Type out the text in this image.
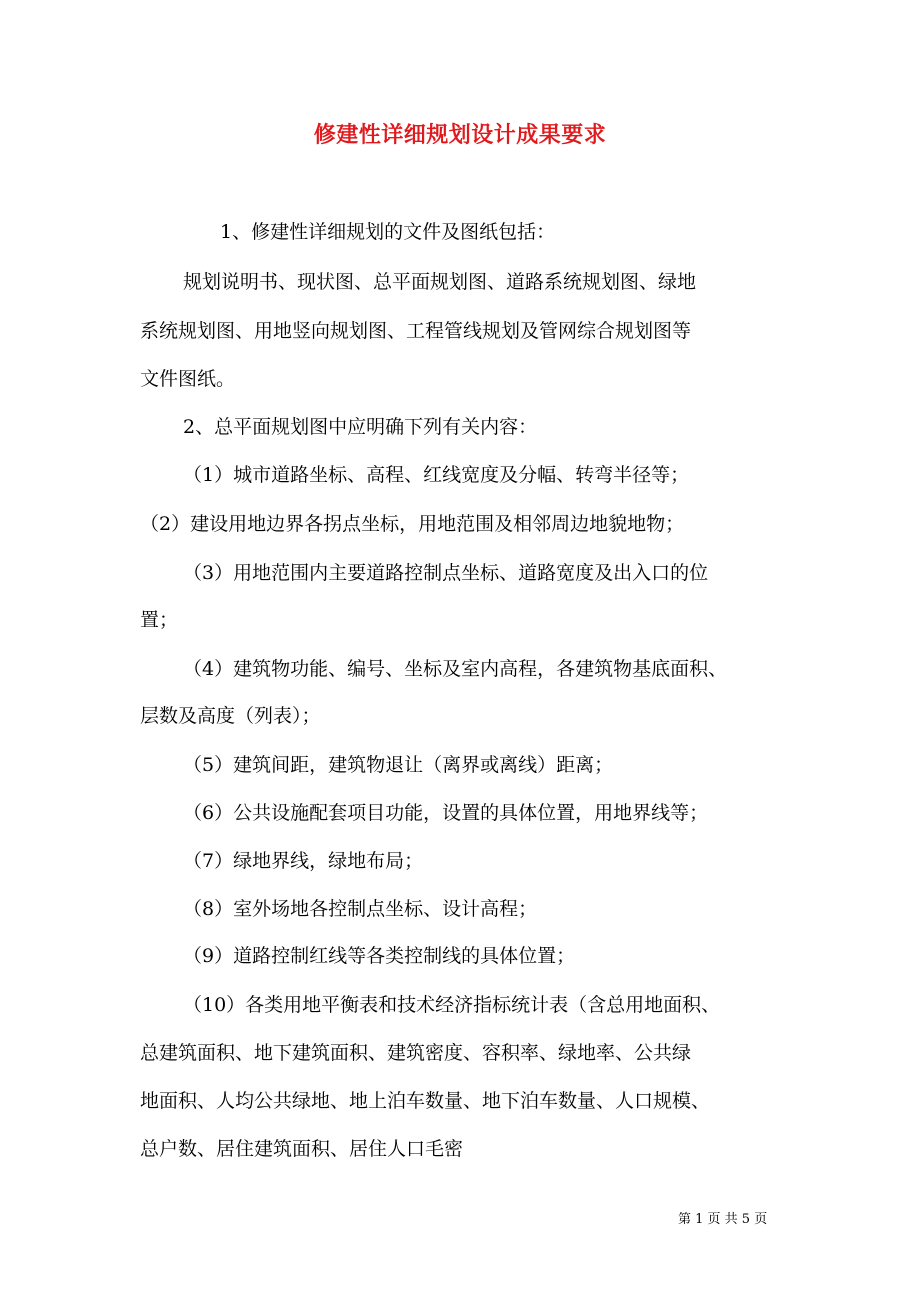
修建性详细规划设计成果要求
1、修建性详细规划的文件及图纸包括：
规划说明书、现状图、总平面规划图、道路系统规划图、绿地
系统规划图、用地竖向规划图、工程管线规划及管网综合规划图等
文件图纸。
2、总平面规划图中应明确下列有关内容：
（1）城市道路坐标、高程、红线宽度及分幅、转弯半径等；
（2）建设用地边界各拐点坐标，用地范围及相邻周边地貌地物；
（3）用地范围内主要道路控制点坐标、道路宽度及出入口的位
置；
（4）建筑物功能、编号、坐标及室内高程，各建筑物基底面积、
层数及高度（列表）；
（5）建筑间距，建筑物退让（离界或离线）距离；
（6）公共设施配套项目功能，设置的具体位置，用地界线等；
（7）绿地界线，绿地布局；
（8）室外场地各控制点坐标、设计高程；
（9）道路控制红线等各类控制线的具体位置；
（10）各类用地平衡表和技术经济指标统计表（含总用地面积、
总建筑面积、地下建筑面积、建筑密度、容积率、绿地率、公共绿
地面积、人均公共绿地、地上泊车数量、地下泊车数量、人口规模、
总户数、居住建筑面积、居住人口毛密
第 1 页 共 5 页
